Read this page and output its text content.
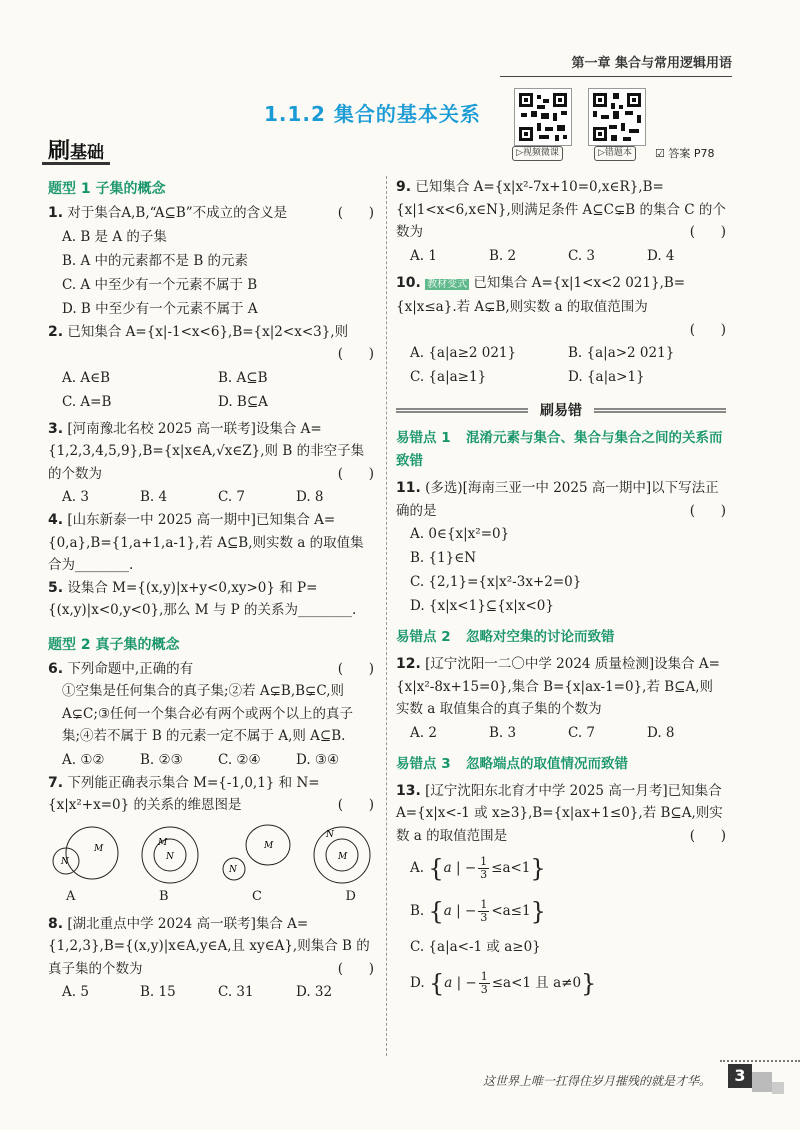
第一章 集合与常用逻辑用语
1.1.2 集合的基本关系
▷视频微课	▷错题本	☑ 答案 P78
刷基础
题型 1 子集的概念
1. 对于集合A,B,“A⊆B”不成立的含义是	(      )
A. B 是 A 的子集
B. A 中的元素都不是 B 的元素
C. A 中至少有一个元素不属于 B
D. B 中至少有一个元素不属于 A
2. 已知集合 A={x|-1<x<6},B={x|2<x<3},则
(      )
A. A∈B	B. A⊆B
C. A=B	D. B⊆A
3. [河南豫北名校 2025 高一联考]设集合 A={1,2,3,4,5,9},B={x|x∈A,√x∈Z},则 B 的非空子集的个数为	(      )
A. 3	B. 4	C. 7	D. 8
4. [山东新泰一中 2025 高一期中]已知集合 A={0,a},B={1,a+1,a-1},若 A⊆B,则实数 a 的取值集合为________.
5. 设集合 M={(x,y)|x+y<0,xy>0} 和 P={(x,y)|x<0,y<0},那么 M 与 P 的关系为________.
题型 2 真子集的概念
6. 下列命题中,正确的有	(      )
①空集是任何集合的真子集;②若 A⊊B,B⊊C,则 A⊊C;③任何一个集合必有两个或两个以上的真子集;④若不属于 B 的元素一定不属于 A,则 A⊆B.
A. ①②	B. ②③	C. ②④	D. ③④
7. 下列能正确表示集合 M={-1,0,1} 和 N={x|x²+x=0} 的关系的维恩图是	(      )
M
N
M
N
M
N
M
N
A	B	C	D
8. [湖北重点中学 2024 高一联考]集合 A={1,2,3},B={(x,y)|x∈A,y∈A,且 xy∈A},则集合 B 的真子集的个数为	(      )
A. 5	B. 15	C. 31	D. 32
9. 已知集合 A={x|x²-7x+10=0,x∈R},B={x|1<x<6,x∈N},则满足条件 A⊆C⊊B 的集合 C 的个数为	(      )
A. 1	B. 2	C. 3	D. 4
10. 教材变式 已知集合 A={x|1<x<2 021},B={x|x≤a}.若 A⊊B,则实数 a 的取值范围为
(      )
A. {a|a≥2 021}	B. {a|a>2 021}
C. {a|a≥1}	D. {a|a>1}
刷易错
易错点 1 混淆元素与集合、集合与集合之间的关系而致错
11. (多选)[海南三亚一中 2025 高一期中]以下写法正确的是	(      )
A. 0∈{x|x²=0}
B. {1}∈N
C. {2,1}={x|x²-3x+2=0}
D. {x|x<1}⊆{x|x<0}
易错点 2 忽略对空集的讨论而致错
12. [辽宁沈阳一二〇中学 2024 质量检测]设集合 A={x|x²-8x+15=0},集合 B={x|ax-1=0},若 B⊆A,则实数 a 取值集合的真子集的个数为
A. 2	B. 3	C. 7	D. 8
易错点 3 忽略端点的取值情况而致错
13. [辽宁沈阳东北育才中学 2025 高一月考]已知集合 A={x|x<-1 或 x≥3},B={x|ax+1≤0},若 B⊆A,则实数 a 的取值范围是	(      )
A. {a | − $\frac{1}{3} \le a<1$}
B. {a | − $\frac{1}{3} <a\le 1$}
C. {a|a<-1 或 a≥0}
D. {a | − $\frac{1}{3} \le a<1$ 且 a≠0}
这世界上唯一扛得住岁月摧残的就是才华。	3
